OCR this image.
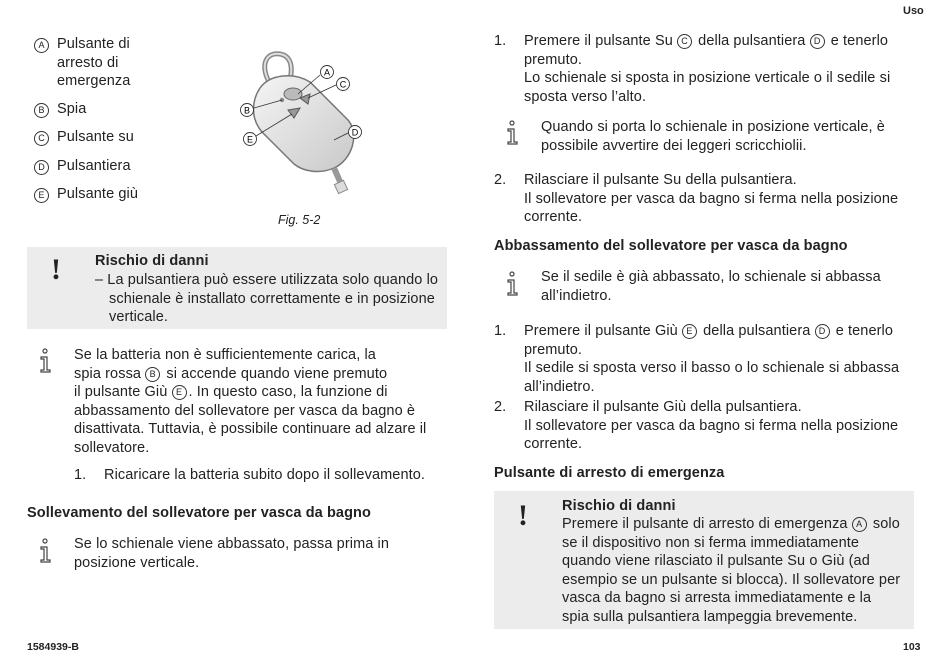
Uso
1584939-B	103
A Pulsante di arresto di emergenza
B Spia
C Pulsante su
D Pulsantiera
E Pulsante giù
A
C
B
E
D
Fig. 5-2
! Rischio di danni
– La pulsantiera può essere utilizzata solo quando lo schienale è installato correttamente e in posizione verticale.
Se la batteria non è sufficientemente carica, la
spia rossa B si accende quando viene premuto
il pulsante Giù E . In questo caso, la funzione di
abbassamento del sollevatore per vasca da bagno è disattivata. Tuttavia, è possibile continuare ad alzare il sollevatore.
1.	Ricaricare la batteria subito dopo il sollevamento.
Sollevamento del sollevatore per vasca da bagno
Se lo schienale viene abbassato, passa prima in posizione verticale.
1.	Premere il pulsante Su C della pulsantiera D e tenerlo premuto.
Lo schienale si sposta in posizione verticale o il sedile si sposta verso l’alto.
Quando si porta lo schienale in posizione verticale, è possibile avvertire dei leggeri scricchiolii.
2.	Rilasciare il pulsante Su della pulsantiera.
Il sollevatore per vasca da bagno si ferma nella posizione corrente.
Abbassamento del sollevatore per vasca da bagno
Se il sedile è già abbassato, lo schienale si abbassa all’indietro.
1.	Premere il pulsante Giù E della pulsantiera D e tenerlo premuto.
Il sedile si sposta verso il basso o lo schienale si abbassa all’indietro.
2.	Rilasciare il pulsante Giù della pulsantiera.
Il sollevatore per vasca da bagno si ferma nella posizione corrente.
Pulsante di arresto di emergenza
! Rischio di danni
Premere il pulsante di arresto di emergenza A solo se il dispositivo non si ferma immediatamente quando viene rilasciato il pulsante Su o Giù (ad esempio se un pulsante si blocca). Il sollevatore per vasca da bagno si arresta immediatamente e la spia sulla pulsantiera lampeggia brevemente.
